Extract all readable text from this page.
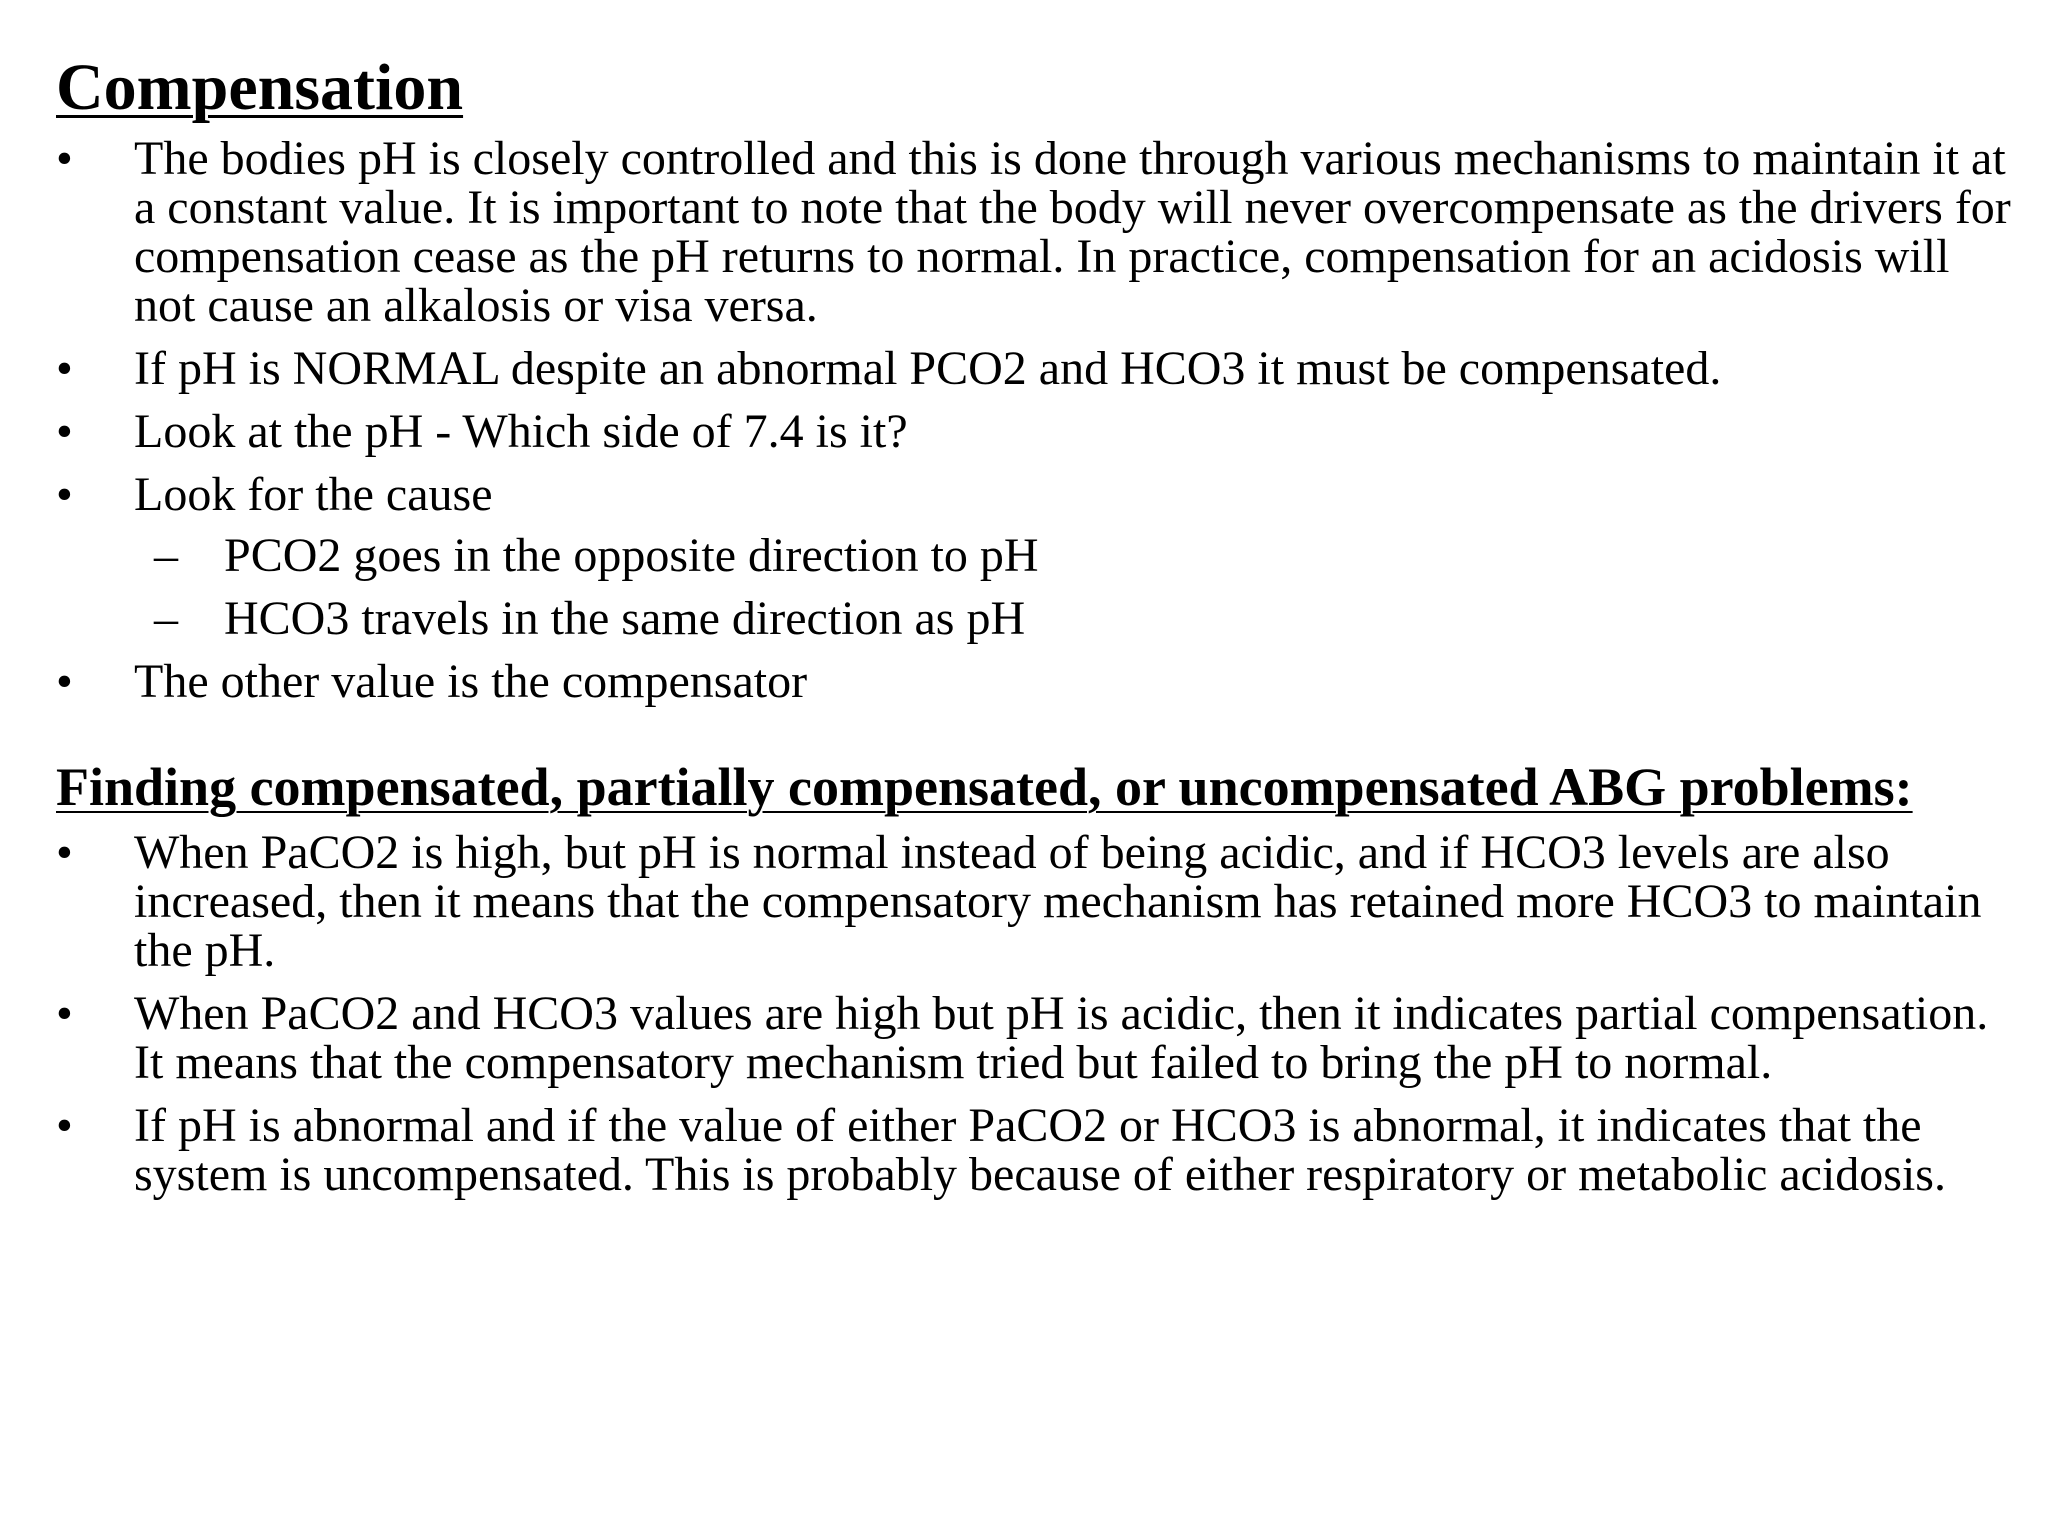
Compensation
•	The bodies pH is closely controlled and this is done through various mechanisms to maintain it at a constant value. It is important to note that the body will never overcompensate as the drivers for compensation cease as the pH returns to normal. In practice, compensation for an acidosis will not cause an alkalosis or visa versa.
•	If pH is NORMAL despite an abnormal PCO2 and HCO3 it must be compensated.
•	Look at the pH - Which side of 7.4 is it?
•	Look for the cause
– PCO2 goes in the opposite direction to pH
– HCO3 travels in the same direction as pH
•	The other value is the compensator
Finding compensated, partially compensated, or uncompensated ABG problems:
•	When PaCO2 is high, but pH is normal instead of being acidic, and if HCO3 levels are also increased, then it means that the compensatory mechanism has retained more HCO3 to maintain the pH.
•	When PaCO2 and HCO3 values are high but pH is acidic, then it indicates partial compensation. It means that the compensatory mechanism tried but failed to bring the pH to normal.
•	If pH is abnormal and if the value of either PaCO2 or HCO3 is abnormal, it indicates that the system is uncompensated. This is probably because of either respiratory or metabolic acidosis.
